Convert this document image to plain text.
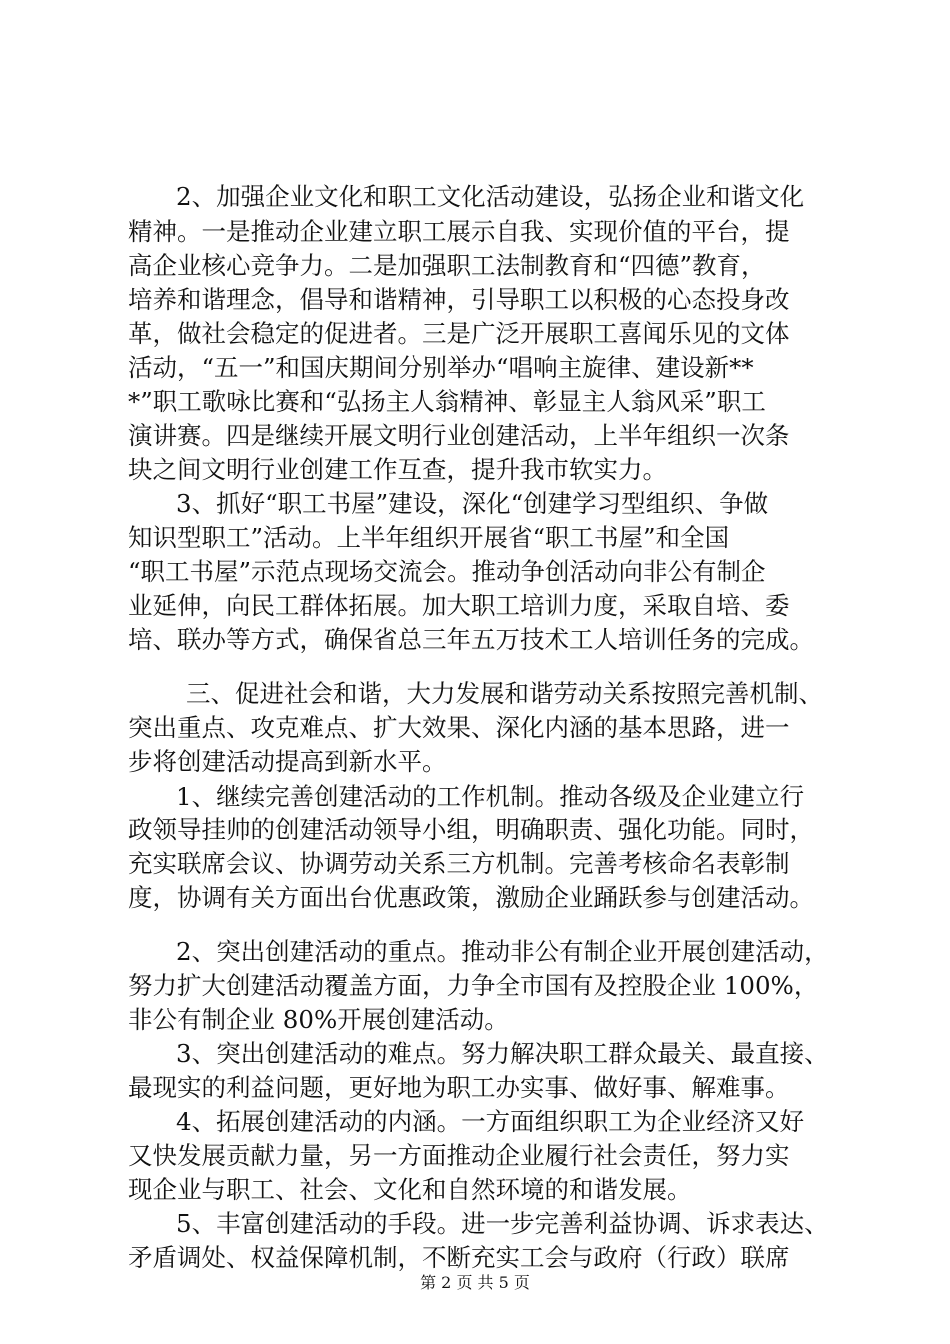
2、加强企业文化和职工文化活动建设，弘扬企业和谐文化
精神。一是推动企业建立职工展示自我、实现价值的平台，提
高企业核心竞争力。二是加强职工法制教育和“四德”教育，
培养和谐理念，倡导和谐精神，引导职工以积极的心态投身改
革，做社会稳定的促进者。三是广泛开展职工喜闻乐见的文体
活动，“五一”和国庆期间分别举办“唱响主旋律、建设新**
*”职工歌咏比赛和“弘扬主人翁精神、彰显主人翁风采”职工
演讲赛。四是继续开展文明行业创建活动，上半年组织一次条
块之间文明行业创建工作互查，提升我市软实力。
3、抓好“职工书屋”建设，深化“创建学习型组织、争做
知识型职工”活动。上半年组织开展省“职工书屋”和全国
“职工书屋”示范点现场交流会。推动争创活动向非公有制企
业延伸，向民工群体拓展。加大职工培训力度，采取自培、委
培、联办等方式，确保省总三年五万技术工人培训任务的完成。
三、促进社会和谐，大力发展和谐劳动关系按照完善机制、
突出重点、攻克难点、扩大效果、深化内涵的基本思路，进一
步将创建活动提高到新水平。
1、继续完善创建活动的工作机制。推动各级及企业建立行
政领导挂帅的创建活动领导小组，明确职责、强化功能。同时，
充实联席会议、协调劳动关系三方机制。完善考核命名表彰制
度，协调有关方面出台优惠政策，激励企业踊跃参与创建活动。
2、突出创建活动的重点。推动非公有制企业开展创建活动，
努力扩大创建活动覆盖方面，力争全市国有及控股企业 100%，
非公有制企业 80%开展创建活动。
3、突出创建活动的难点。努力解决职工群众最关、最直接、
最现实的利益问题，更好地为职工办实事、做好事、解难事。
4、拓展创建活动的内涵。一方面组织职工为企业经济又好
又快发展贡献力量，另一方面推动企业履行社会责任，努力实
现企业与职工、社会、文化和自然环境的和谐发展。
5、丰富创建活动的手段。进一步完善利益协调、诉求表达、
矛盾调处、权益保障机制，不断充实工会与政府（行政）联席
第 2 页 共 5 页
